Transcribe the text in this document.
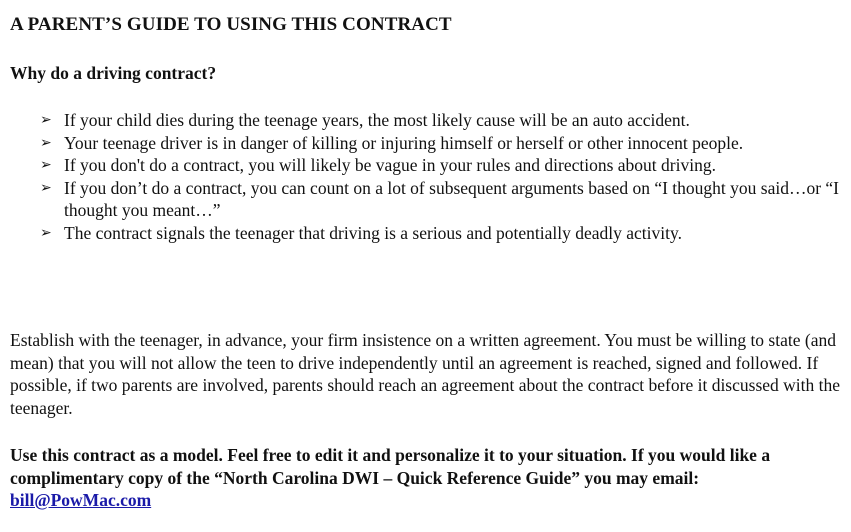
A PARENT’S GUIDE TO USING THIS CONTRACT
Why do a driving contract?
➢ If your child dies during the teenage years, the most likely cause will be an auto accident.
➢ Your teenage driver is in danger of killing or injuring himself or herself or other innocent people.
➢ If you don't do a contract, you will likely be vague in your rules and directions about driving.
➢ If you don’t do a contract, you can count on a lot of subsequent arguments based on “I thought you said…or “I thought you meant…”
➢ The contract signals the teenager that driving is a serious and potentially deadly activity.
Establish with the teenager, in advance, your firm insistence on a written agreement. You must be willing to state (and mean) that you will not allow the teen to drive independently until an agreement is reached, signed and followed. If possible, if two parents are involved, parents should reach an agreement about the contract before it discussed with the teenager.
Use this contract as a model. Feel free to edit it and personalize it to your situation. If you would like a complimentary copy of the “North Carolina DWI – Quick Reference Guide” you may email: bill@PowMac.com
